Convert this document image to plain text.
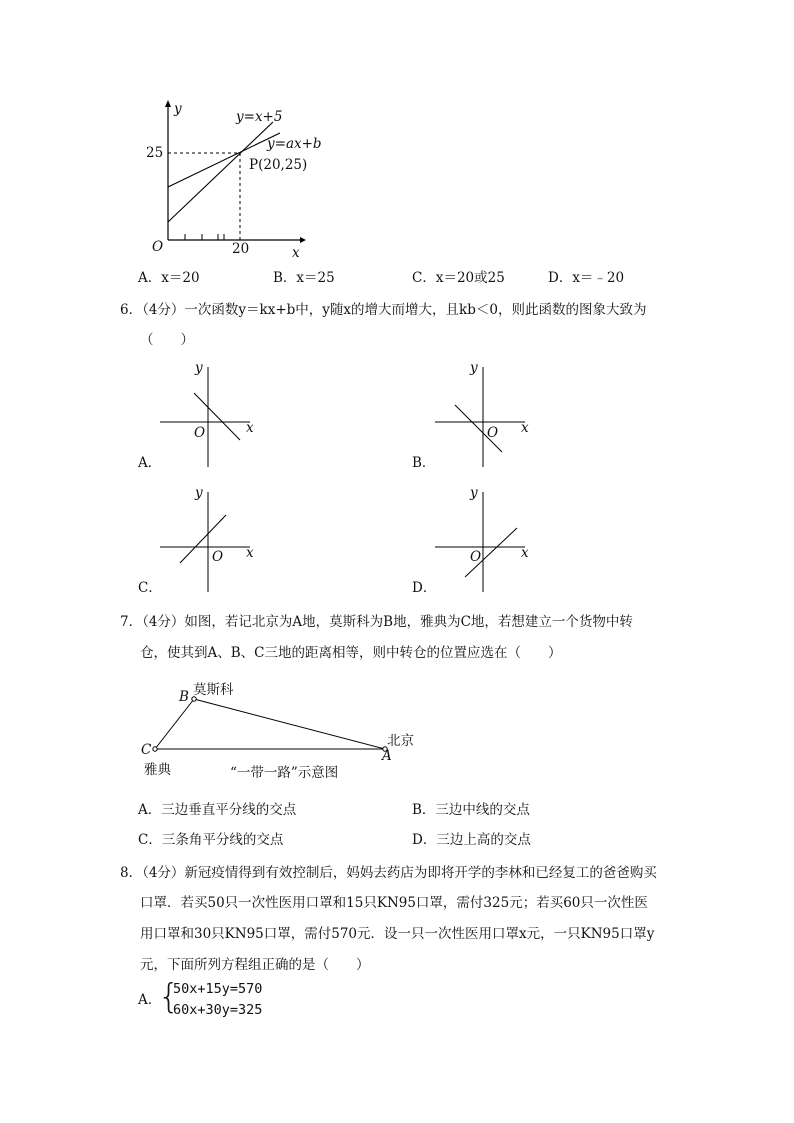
y
x
O
25
20
y=x+5
y=ax+b
P(20,25)
A．x＝20	B．x＝25	C．x＝20或25	D．x＝﹣20
6．（4分）一次函数y＝kx+b中，y随x的增大而增大，且kb＜0，则此函数的图象大致为
（　　）
y
x
O
A．
y
x
O
B．
y
x
O
C．
y
x
O
D．
7．（4分）如图，若记北京为A地，莫斯科为B地，雅典为C地，若想建立一个货物中转
仓，使其到A、B、C三地的距离相等，则中转仓的位置应选在（　　）
B 莫斯科
C
雅典
A
北京
“一带一路”示意图
A．三边垂直平分线的交点	B．三边中线的交点
C．三条角平分线的交点	D．三边上高的交点
8．（4分）新冠疫情得到有效控制后，妈妈去药店为即将开学的李林和已经复工的爸爸购买
口罩．若买50只一次性医用口罩和15只KN95口罩，需付325元；若买60只一次性医
用口罩和30只KN95口罩，需付570元．设一只一次性医用口罩x元，一只KN95口罩y
元，下面所列方程组正确的是（　　）
A．
{
50x+15y=570
60x+30y=325
